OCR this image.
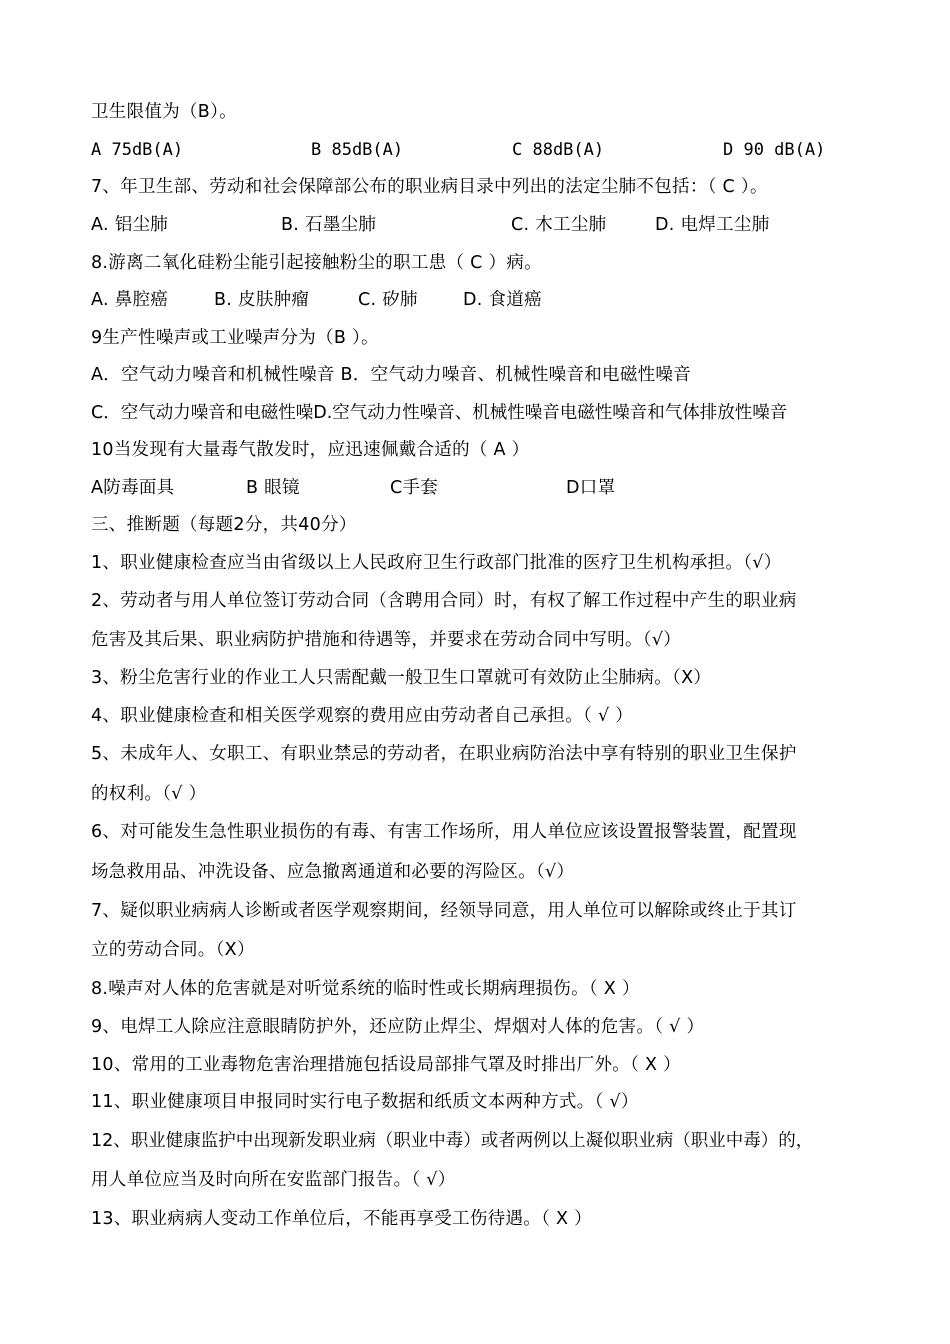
卫生限值为（B）。
A 75dB(A)	B 85dB(A)	C 88dB(A)	D 90 dB(A)
7、年卫生部、劳动和社会保障部公布的职业病目录中列出的法定尘肺不包括：（ C ）。
A. 铝尘肺	B. 石墨尘肺	C. 木工尘肺	D. 电焊工尘肺
8.游离二氧化硅粉尘能引起接触粉尘的职工患（ C ）病。
A. 鼻腔癌	B. 皮肤肿瘤	C. 矽肺	D. 食道癌
9生产性噪声或工业噪声分为（B ）。
A．空气动力噪音和机械性噪音 B．空气动力噪音、机械性噪音和电磁性噪音
C．空气动力噪音和电磁性噪D.空气动力性噪音、机械性噪音电磁性噪音和气体排放性噪音
10当发现有大量毒气散发时，应迅速佩戴合适的（ A ）
A防毒面具	B 眼镜	C手套	D口罩
三、推断题（每题2分，共40分）
1、职业健康检查应当由省级以上人民政府卫生行政部门批准的医疗卫生机构承担。（√）
2、劳动者与用人单位签订劳动合同（含聘用合同）时，有权了解工作过程中产生的职业病
危害及其后果、职业病防护措施和待遇等，并要求在劳动合同中写明。（√）
3、粉尘危害行业的作业工人只需配戴一般卫生口罩就可有效防止尘肺病。（X）
4、职业健康检查和相关医学观察的费用应由劳动者自己承担。（ √ ）
5、未成年人、女职工、有职业禁忌的劳动者，在职业病防治法中享有特别的职业卫生保护
的权利。（√ ）
6、对可能发生急性职业损伤的有毒、有害工作场所，用人单位应该设置报警装置，配置现
场急救用品、冲洗设备、应急撤离通道和必要的泻险区。（√）
7、疑似职业病病人诊断或者医学观察期间，经领导同意，用人单位可以解除或终止于其订
立的劳动合同。（X）
8.噪声对人体的危害就是对听觉系统的临时性或长期病理损伤。（ X ）
9、电焊工人除应注意眼睛防护外，还应防止焊尘、焊烟对人体的危害。（ √ ）
10、常用的工业毒物危害治理措施包括设局部排气罩及时排出厂外。（ X ）
11、职业健康项目申报同时实行电子数据和纸质文本两种方式。（ √）
12、职业健康监护中出现新发职业病（职业中毒）或者两例以上凝似职业病（职业中毒）的，
用人单位应当及时向所在安监部门报告。（ √）
13、职业病病人变动工作单位后，不能再享受工伤待遇。（ X ）
